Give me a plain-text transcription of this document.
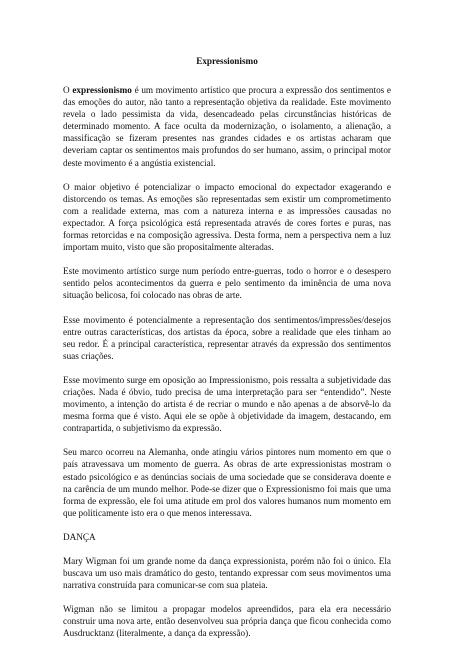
Expressionismo

O expressionismo é um movimento artístico que procura a expressão dos sentimentos e das emoções do autor, não tanto a representação objetiva da realidade. Este movimento revela o lado pessimista da vida, desencadeado pelas circunstâncias históricas de determinado momento. A face oculta da modernização, o isolamento, a alienação, a massificação se fizeram presentes nas grandes cidades e os artistas acharam que deveriam captar os sentimentos mais profundos do ser humano, assim, o principal motor deste movimento é a angústia existencial.

O maior objetivo é potencializar o impacto emocional do expectador exagerando e distorcendo os temas. As emoções são representadas sem existir um comprometimento com a realidade externa, mas com a natureza interna e as impressões causadas no expectador. A força psicológica está representada através de cores fortes e puras, nas formas retorcidas e na composição agressiva. Desta forma, nem a perspectiva nem a luz importam muito, visto que são propositalmente alteradas.

Este movimento artístico surge num período entre-guerras, todo o horror e o desespero sentido pelos acontecimentos da guerra e pelo sentimento da iminência de uma nova situação belicosa, foi colocado nas obras de arte.

Esse movimento é potencialmente a representação dos sentimentos/impressões/desejos entre outras características, dos artistas da época, sobre a realidade que eles tinham ao seu redor. É a principal característica, representar através da expressão dos sentimentos suas criações.

Esse movimento surge em oposição ao Impressionismo, pois ressalta a subjetividade das criações. Nada é óbvio, tudo precisa de uma interpretação para ser “entendido”. Neste movimento, a intenção do artista é de recriar o mundo e não apenas a de absorvê-lo da mesma forma que é visto. Aqui ele se opõe à objetividade da imagem, destacando, em contrapartida, o subjetivismo da expressão.

Seu marco ocorreu na Alemanha, onde atingiu vários pintores num momento em que o país atravessava um momento de guerra. As obras de arte expressionistas mostram o estado psicológico e as denúncias sociais de uma sociedade que se considerava doente e na carência de um mundo melhor. Pode-se dizer que o Expressionismo foi mais que uma forma de expressão, ele foi uma atitude em prol dos valores humanos num momento em que politicamente isto era o que menos interessava.

DANÇA

Mary Wigman foi um grande nome da dança expressionista, porém não foi o único. Ela buscava um uso mais dramático do gesto, tentando expressar com seus movimentos uma narrativa construída para comunicar-se com sua plateia.

Wigman não se limitou a propagar modelos apreendidos, para ela era necessário construir uma nova arte, então desenvolveu sua própria dança que ficou conhecida como Ausdrucktanz (literalmente, a dança da expressão).
